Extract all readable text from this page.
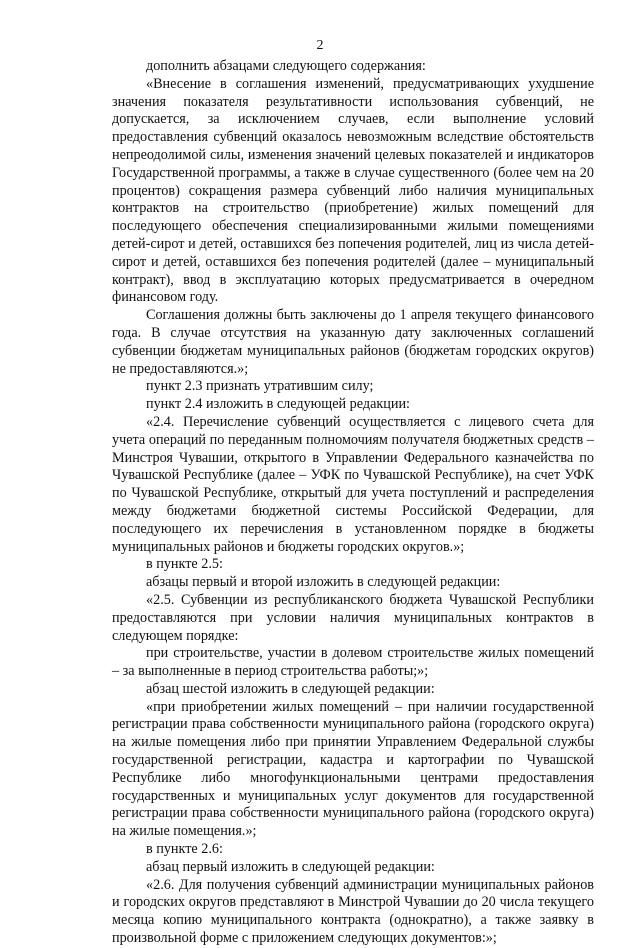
2

дополнить абзацами следующего содержания:

«Внесение в соглашения изменений, предусматривающих ухудшение значения показателя результативности использования субвенций, не допускается, за исключением случаев, если выполнение условий предоставления субвенций оказалось невозможным вследствие обстоятельств непреодолимой силы, изменения значений целевых показателей и индикаторов Государственной программы, а также в случае существенного (более чем на 20 процентов) сокращения размера субвенций либо наличия муниципальных контрактов на строительство (приобретение) жилых помещений для последующего обеспечения специализированными жилыми помещениями детей-сирот и детей, оставшихся без попечения родителей, лиц из числа детей-сирот и детей, оставшихся без попечения родителей (далее – муниципальный контракт), ввод в эксплуатацию которых предусматривается в очередном финансовом году.

Соглашения должны быть заключены до 1 апреля текущего финансового года. В случае отсутствия на указанную дату заключенных соглашений субвенции бюджетам муниципальных районов (бюджетам городских округов) не предоставляются.»;

пункт 2.3 признать утратившим силу;

пункт 2.4 изложить в следующей редакции:

«2.4. Перечисление субвенций осуществляется с лицевого счета для учета операций по переданным полномочиям получателя бюджетных средств – Минстроя Чувашии, открытого в Управлении Федерального казначейства по Чувашской Республике (далее – УФК по Чувашской Республике), на счет УФК по Чувашской Республике, открытый для учета поступлений и распределения между бюджетами бюджетной системы Российской Федерации, для последующего их перечисления в установленном порядке в бюджеты муниципальных районов и бюджеты городских округов.»;

в пункте 2.5:

абзацы первый и второй изложить в следующей редакции:

«2.5. Субвенции из республиканского бюджета Чувашской Республики предоставляются при условии наличия муниципальных контрактов в следующем порядке:

при строительстве, участии в долевом строительстве жилых помещений – за выполненные в период строительства работы;»;

абзац шестой изложить в следующей редакции:

«при приобретении жилых помещений – при наличии государственной регистрации права собственности муниципального района (городского округа) на жилые помещения либо при принятии Управлением Федеральной службы государственной регистрации, кадастра и картографии по Чувашской Республике либо многофункциональными центрами предоставления государственных и муниципальных услуг документов для государственной регистрации права собственности муниципального района (городского округа) на жилые помещения.»;

в пункте 2.6:

абзац первый изложить в следующей редакции:

«2.6. Для получения субвенций администрации муниципальных районов и городских округов представляют в Минстрой Чувашии до 20 числа текущего месяца копию муниципального контракта (однократно), а также заявку в произвольной форме с приложением следующих документов:»;
